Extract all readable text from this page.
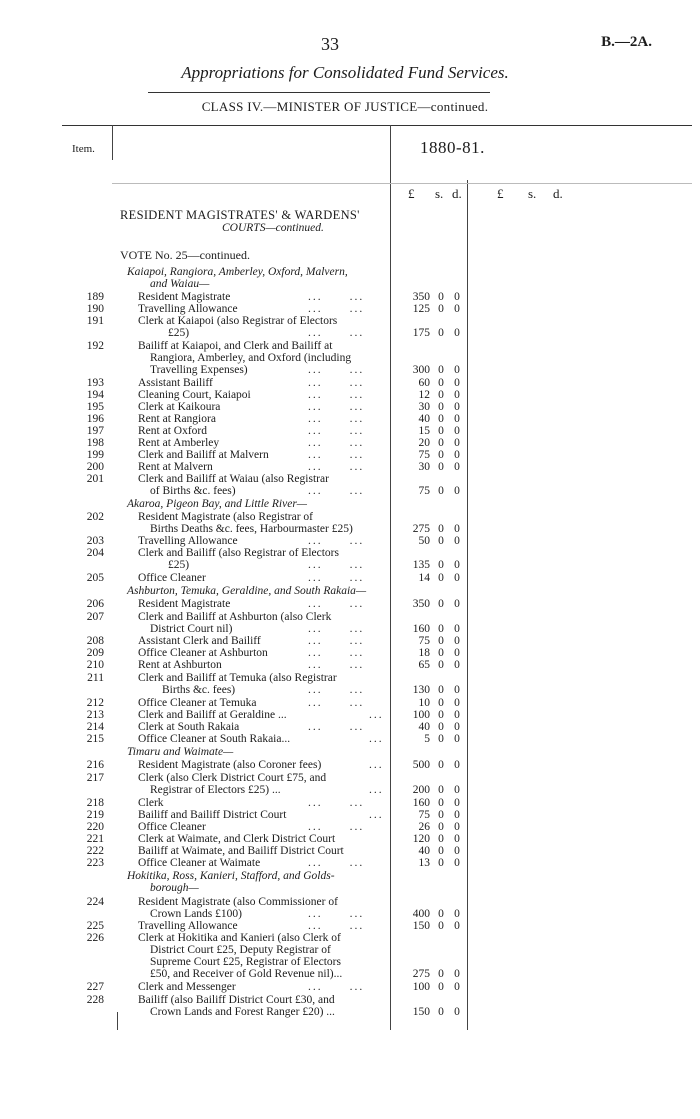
33	B.—2A.
Appropriations for Consolidated Fund Services.
CLASS IV.—MINISTER OF JUSTICE—continued.
Item.	1880-81.
£ s. d.	£ s. d.
RESIDENT MAGISTRATES' & WARDENS'
COURTS—continued.
VOTE No. 25—continued.
Kaiapoi, Rangiora, Amberley, Oxford, Malvern,
and Waiau—
189	Resident Magistrate	...  ...	350 0 0
190	Travelling Allowance	...  ...	125 0 0
191	Clerk at Kaiapoi (also Registrar of Electors
£25)	...  ...	175 0 0
192	Bailiff at Kaiapoi, and Clerk and Bailiff at
Rangiora, Amberley, and Oxford (including
Travelling Expenses)	...  ...	300 0 0
193	Assistant Bailiff	...  ...	60 0 0
194	Cleaning Court, Kaiapoi	...  ...	12 0 0
195	Clerk at Kaikoura	...  ...	30 0 0
196	Rent at Rangiora	...  ...	40 0 0
197	Rent at Oxford	...  ...	15 0 0
198	Rent at Amberley	...  ...	20 0 0
199	Clerk and Bailiff at Malvern	...  ...	75 0 0
200	Rent at Malvern	...  ...	30 0 0
201	Clerk and Bailiff at Waiau (also Registrar
of Births &c. fees)	...  ...	75 0 0
Akaroa, Pigeon Bay, and Little River—
202	Resident Magistrate (also Registrar of
Births Deaths &c. fees, Harbourmaster £25)	275 0 0
203	Travelling Allowance	...  ...	50 0 0
204	Clerk and Bailiff (also Registrar of Electors
£25)	...  ...	135 0 0
205	Office Cleaner	...  ...	14 0 0
Ashburton, Temuka, Geraldine, and South Rakaia—
206	Resident Magistrate	...  ...	350 0 0
207	Clerk and Bailiff at Ashburton (also Clerk
District Court nil)	...  ...	160 0 0
208	Assistant Clerk and Bailiff	...  ...	75 0 0
209	Office Cleaner at Ashburton	...  ...	18 0 0
210	Rent at Ashburton	...  ...	65 0 0
211	Clerk and Bailiff at Temuka (also Registrar
Births &c. fees)	...  ...	130 0 0
212	Office Cleaner at Temuka	...  ...	10 0 0
213	Clerk and Bailiff at Geraldine ...	...	100 0 0
214	Clerk at South Rakaia	...  ...	40 0 0
215	Office Cleaner at South Rakaia...	...	5 0 0
Timaru and Waimate—
216	Resident Magistrate (also Coroner fees)	...	500 0 0
217	Clerk (also Clerk District Court £75, and
Registrar of Electors £25) ...	...	200 0 0
218	Clerk	...  ...	160 0 0
219	Bailiff and Bailiff District Court	...	75 0 0
220	Office Cleaner	...  ...	26 0 0
221	Clerk at Waimate, and Clerk District Court	120 0 0
222	Bailiff at Waimate, and Bailiff District Court	40 0 0
223	Office Cleaner at Waimate	...  ...	13 0 0
Hokitika, Ross, Kanieri, Stafford, and Golds-
borough—
224	Resident Magistrate (also Commissioner of
Crown Lands £100)	...  ...	400 0 0
225	Travelling Allowance	...  ...	150 0 0
226	Clerk at Hokitika and Kanieri (also Clerk of
District Court £25, Deputy Registrar of
Supreme Court £25, Registrar of Electors
£50, and Receiver of Gold Revenue nil)...	275 0 0
227	Clerk and Messenger	...  ...	100 0 0
228	Bailiff (also Bailiff District Court £30, and
Crown Lands and Forest Ranger £20) ...	150 0 0
